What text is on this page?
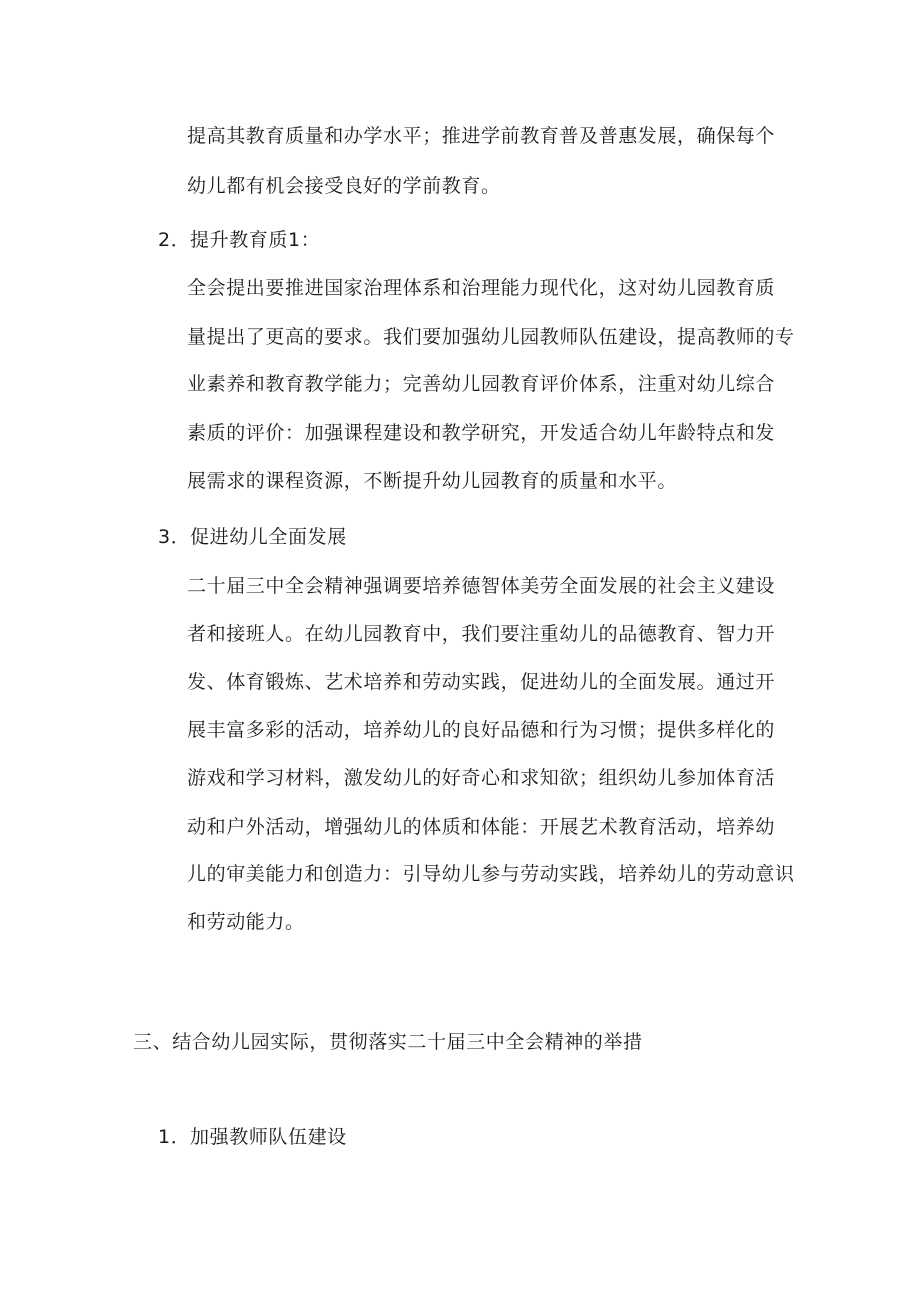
提高其教育质量和办学水平；推进学前教育普及普惠发展，确保每个
幼儿都有机会接受良好的学前教育。
2．提升教育质1：
全会提出要推进国家治理体系和治理能力现代化，这对幼儿园教育质
量提出了更高的要求。我们要加强幼儿园教师队伍建设，提高教师的专
业素养和教育教学能力；完善幼儿园教育评价体系，注重对幼儿综合
素质的评价：加强课程建设和教学研究，开发适合幼儿年龄特点和发
展需求的课程资源，不断提升幼儿园教育的质量和水平。
3．促进幼儿全面发展
二十届三中全会精神强调要培养德智体美劳全面发展的社会主义建设
者和接班人。在幼儿园教育中，我们要注重幼儿的品德教育、智力开
发、体育锻炼、艺术培养和劳动实践，促进幼儿的全面发展。通过开
展丰富多彩的活动，培养幼儿的良好品德和行为习惯；提供多样化的
游戏和学习材料，激发幼儿的好奇心和求知欲；组织幼儿参加体育活
动和户外活动，增强幼儿的体质和体能：开展艺术教育活动，培养幼
儿的审美能力和创造力：引导幼儿参与劳动实践，培养幼儿的劳动意识
和劳动能力。
三、结合幼儿园实际，贯彻落实二十届三中全会精神的举措
1．加强教师队伍建设
